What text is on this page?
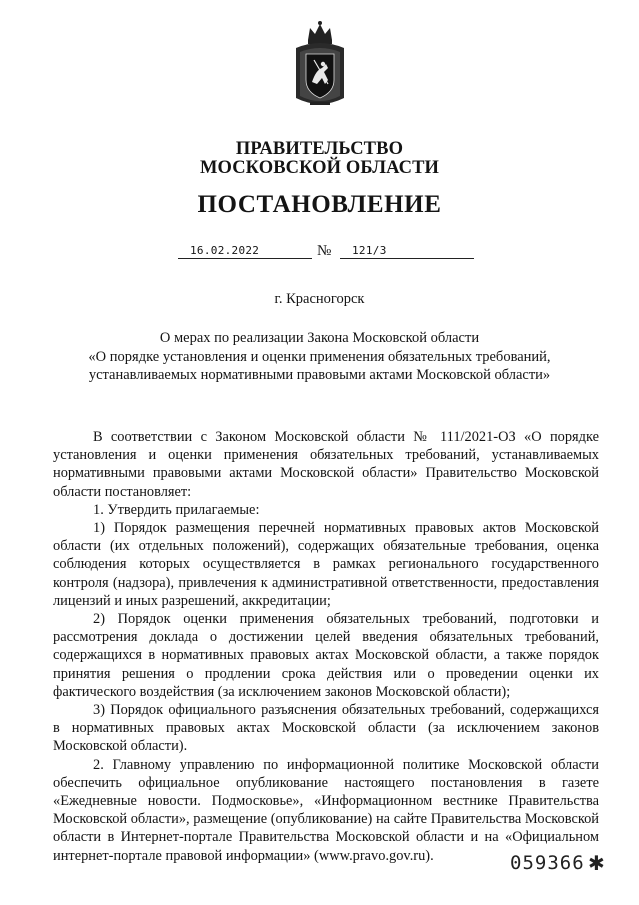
ПРАВИТЕЛЬСТВО
МОСКОВСКОЙ ОБЛАСТИ
ПОСТАНОВЛЕНИЕ
16.02.2022	№	121/3
г. Красногорск
О мерах по реализации Закона Московской области
«О порядке установления и оценки применения обязательных требований,
устанавливаемых нормативными правовыми актами Московской области»

В соответствии с Законом Московской области № 111/2021-ОЗ «О порядке установления и оценки применения обязательных требований, устанавливаемых нормативными правовыми актами Московской области» Правительство Московской области постановляет:

1. Утвердить прилагаемые:

1) Порядок размещения перечней нормативных правовых актов Московской области (их отдельных положений), содержащих обязательные требования, оценка соблюдения которых осуществляется в рамках регионального государственного контроля (надзора), привлечения к административной ответственности, предоставления лицензий и иных разрешений, аккредитации;

2) Порядок оценки применения обязательных требований, подготовки и рассмотрения доклада о достижении целей введения обязательных требований, содержащихся в нормативных правовых актах Московской области, а также порядок принятия решения о продлении срока действия или о проведении оценки их фактического воздействия (за исключением законов Московской области);

3) Порядок официального разъяснения обязательных требований, содержащихся в нормативных правовых актах Московской области (за исключением законов Московской области).

2. Главному управлению по информационной политике Московской области обеспечить официальное опубликование настоящего постановления в газете «Ежедневные новости. Подмосковье», «Информационном вестнике Правительства Московской области», размещение (опубликование) на сайте Правительства Московской области в Интернет-портале Правительства Московской области и на «Официальном интернет-портале правовой информации» (www.pravo.gov.ru).	059366 ✱
